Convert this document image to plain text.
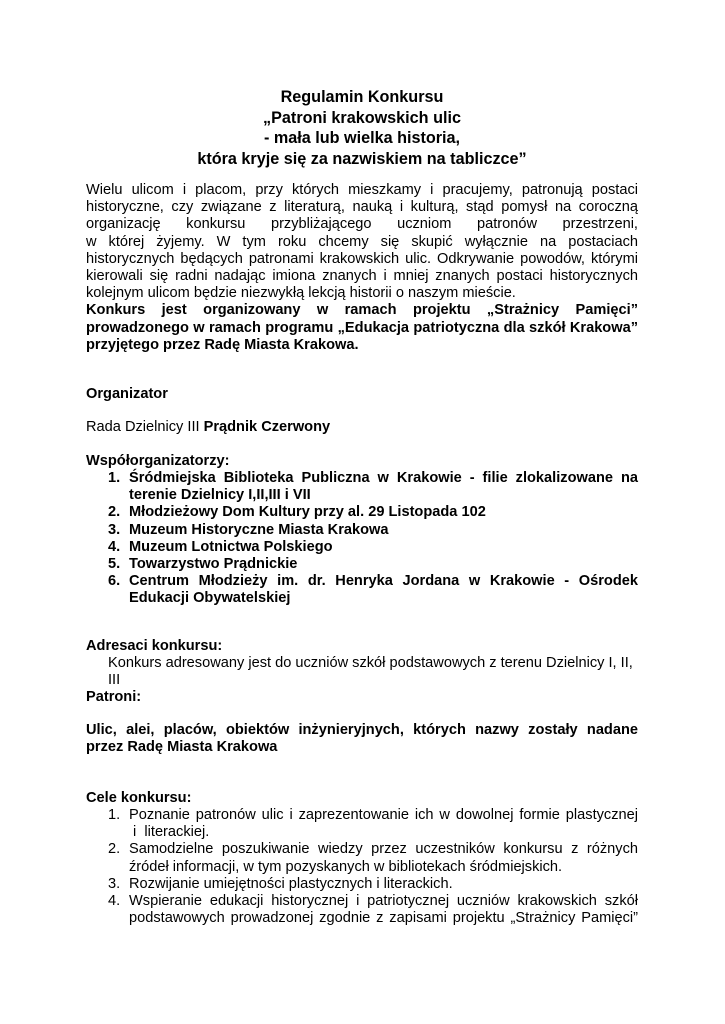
Regulamin Konkursu
„Patroni krakowskich ulic
- mała lub wielka historia,
która kryje się za nazwiskiem na tabliczce”
Wielu ulicom i placom, przy których mieszkamy i pracujemy, patronują postaci
historyczne, czy związane z literaturą, nauką i kulturą, stąd pomysł na coroczną
organizację konkursu przybliżającego uczniom patronów przestrzeni,
w której żyjemy. W tym roku chcemy się skupić wyłącznie na postaciach
historycznych będących patronami krakowskich ulic. Odkrywanie powodów, którymi
kierowali się radni nadając imiona znanych i mniej znanych postaci historycznych
kolejnym ulicom będzie niezwykłą lekcją historii o naszym mieście.
Konkurs jest organizowany w ramach projektu „Strażnicy Pamięci”
prowadzonego w ramach programu „Edukacja patriotyczna dla szkół Krakowa”
przyjętego przez Radę Miasta Krakowa.
Organizator
Rada Dzielnicy III Prądnik Czerwony
Współorganizatorzy:
1. Śródmiejska Biblioteka Publiczna w Krakowie - filie zlokalizowane na
terenie Dzielnicy I,II,III i VII
2. Młodzieżowy Dom Kultury przy al. 29 Listopada 102
3. Muzeum Historyczne Miasta Krakowa
4. Muzeum Lotnictwa Polskiego
5. Towarzystwo Prądnickie
6. Centrum Młodzieży im. dr. Henryka Jordana w Krakowie - Ośrodek
Edukacji Obywatelskiej
Adresaci konkursu:
Konkurs adresowany jest do uczniów szkół podstawowych z terenu Dzielnicy I, II,
III
Patroni:
Ulic, alei, placów, obiektów inżynieryjnych, których nazwy zostały nadane
przez Radę Miasta Krakowa
Cele konkursu:
1. Poznanie patronów ulic i zaprezentowanie ich w dowolnej formie plastycznej
i  literackiej.
2. Samodzielne poszukiwanie wiedzy przez uczestników konkursu z różnych
źródeł informacji, w tym pozyskanych w bibliotekach śródmiejskich.
3. Rozwijanie umiejętności plastycznych i literackich.
4. Wspieranie edukacji historycznej i patriotycznej uczniów krakowskich szkół
podstawowych prowadzonej zgodnie z zapisami projektu „Strażnicy Pamięci”
